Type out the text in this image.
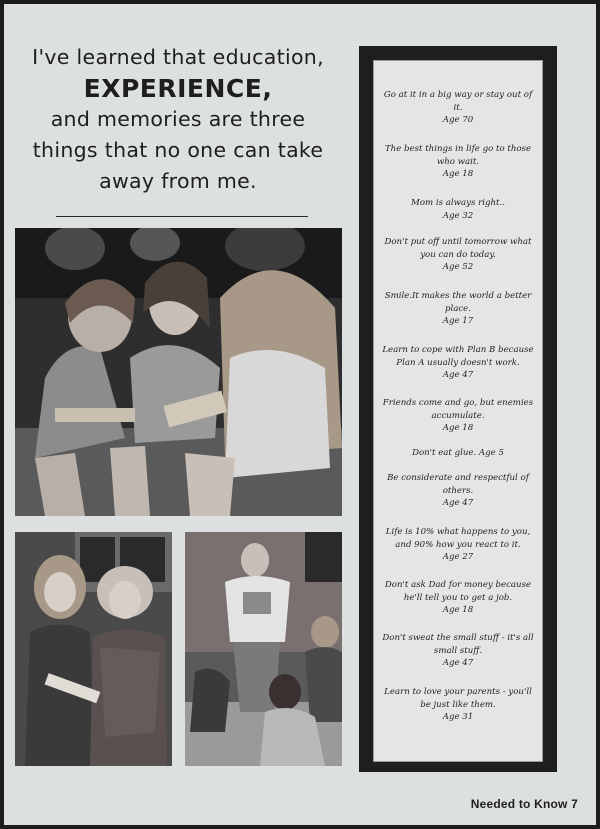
I've learned that education,
EXPERIENCE,
and memories are three
things that no one can take
away from me.
Go at it in a big way or stay out of it.
Age 70
The best things in life go to those who wait.
Age 18
Mom is always right..
Age 32
Don't put off until tomorrow what you can do today.
Age 52
Smile.It makes the world a better place.
Age 17
Learn to cope with Plan B because Plan A usually doesn't work.
Age 47
Friends come and go, but enemies accumulate.
Age 18
Don't eat glue. Age 5
Be considerate and respectful of others.
Age 47
Life is 10% what happens to you, and 90% how you react to it.
Age 27
Don't ask Dad for money because he'll tell you to get a job.
Age 18
Don't sweat the small stuff - it's all small stuff.
Age 47
Learn to love your parents - you'll be just like them.
Age 31
Needed to Know 7
